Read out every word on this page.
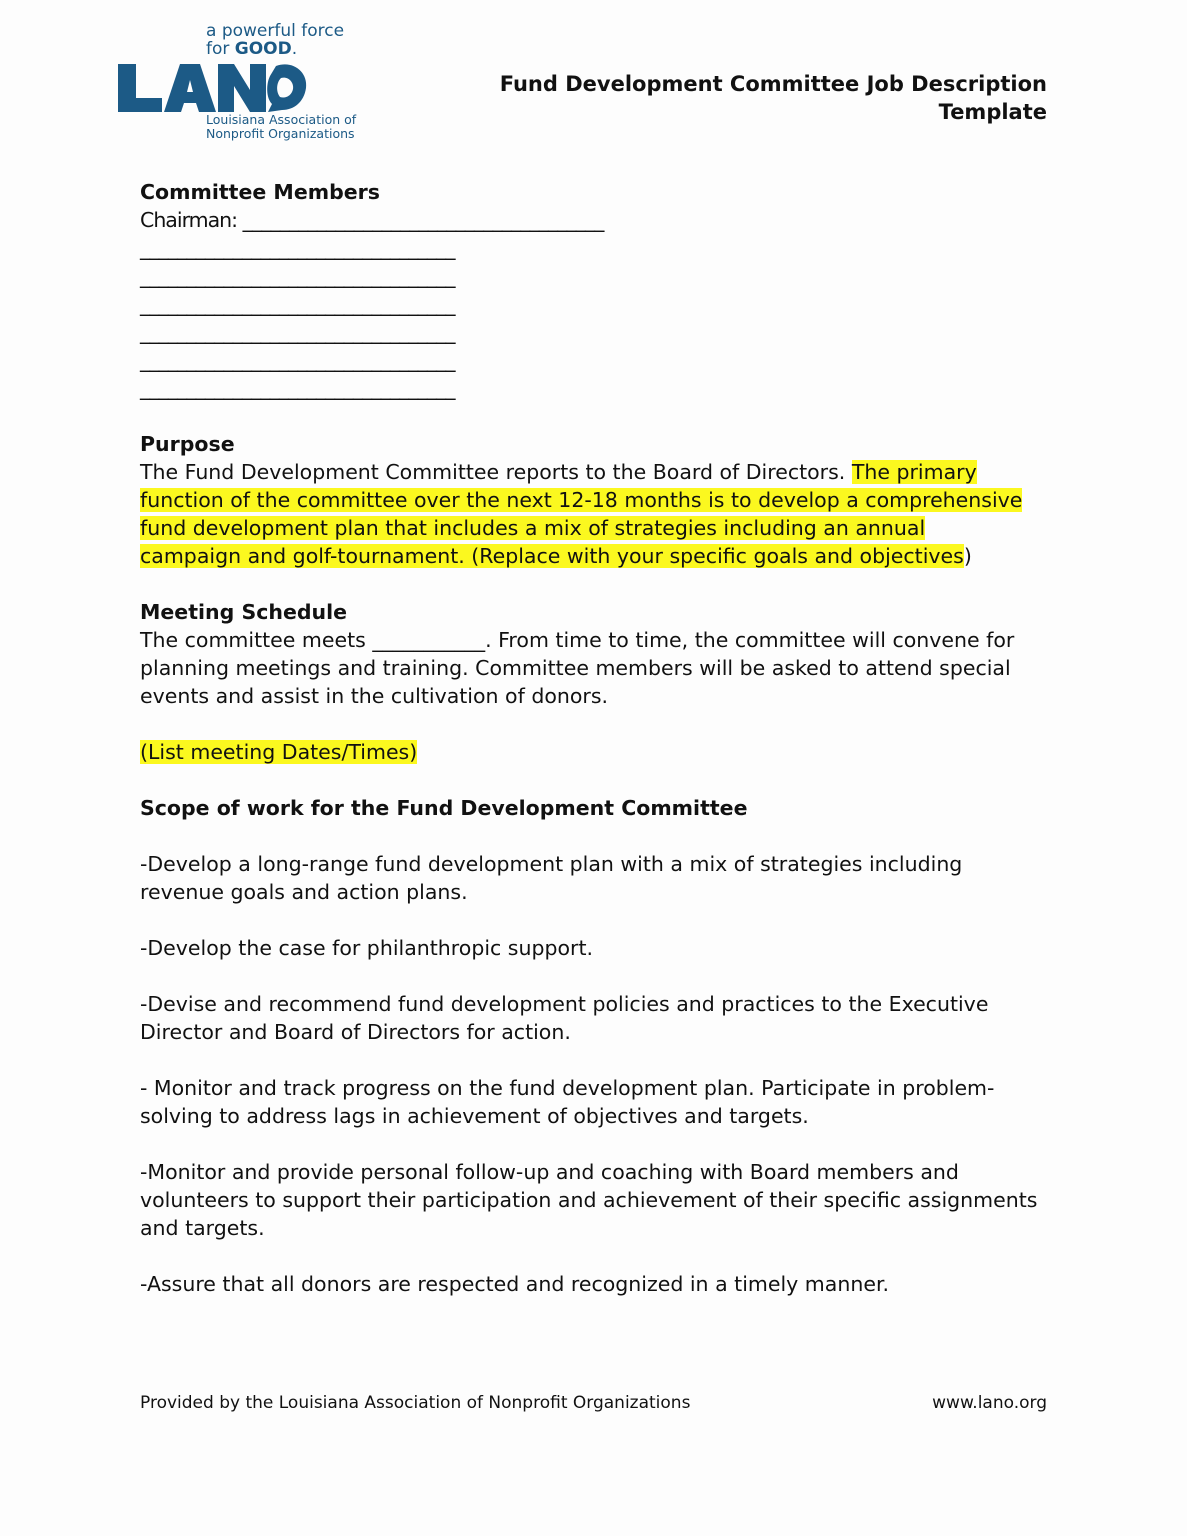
a powerful force
for GOOD.
Louisiana Association of
Nonprofit Organizations
Fund Development Committee Job Description
Template
Committee Members
Chairman: _______________________________________
__________________________________
__________________________________
__________________________________
__________________________________
__________________________________
__________________________________
Purpose

The Fund Development Committee reports to the Board of Directors. The primary function of the committee over the next 12-18 months is to develop a comprehensive fund development plan that includes a mix of strategies including an annual campaign and golf-tournament. (Replace with your specific goals and objectives)

Meeting Schedule

The committee meets ___________. From time to time, the committee will convene for planning meetings and training. Committee members will be asked to attend special events and assist in the cultivation of donors.

(List meeting Dates/Times)

Scope of work for the Fund Development Committee

-Develop a long-range fund development plan with a mix of strategies including revenue goals and action plans.

-Develop the case for philanthropic support.

-Devise and recommend fund development policies and practices to the Executive Director and Board of Directors for action.

- Monitor and track progress on the fund development plan. Participate in problem-solving to address lags in achievement of objectives and targets.

-Monitor and provide personal follow-up and coaching with Board members and volunteers to support their participation and achievement of their specific assignments and targets.

-Assure that all donors are respected and recognized in a timely manner.

Provided by the Louisiana Association of Nonprofit Organizations	www.lano.org
